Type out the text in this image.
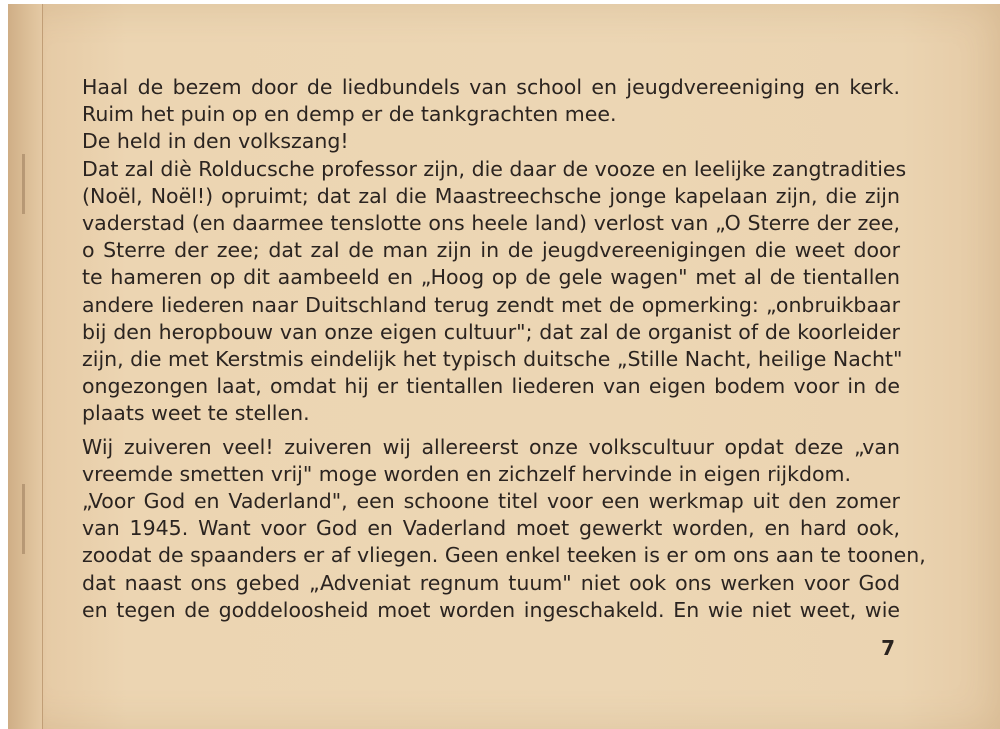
Haal de bezem door de liedbundels van school en jeugdvereeniging en kerk.
Ruim het puin op en demp er de tankgrachten mee.
De held in den volkszang!
Dat zal diè Rolducsche professor zijn, die daar de vooze en leelijke zangtradities
(Noël, Noël!) opruimt; dat zal die Maastreechsche jonge kapelaan zijn, die zijn
vaderstad (en daarmee tenslotte ons heele land) verlost van „O Sterre der zee,
o Sterre der zee; dat zal de man zijn in de jeugdvereenigingen die weet door
te hameren op dit aambeeld en „Hoog op de gele wagen" met al de tientallen
andere liederen naar Duitschland terug zendt met de opmerking: „onbruikbaar
bij den heropbouw van onze eigen cultuur"; dat zal de organist of de koorleider
zijn, die met Kerstmis eindelijk het typisch duitsche „Stille Nacht, heilige Nacht"
ongezongen laat, omdat hij er tientallen liederen van eigen bodem voor in de
plaats weet te stellen.
Wij zuiveren veel! zuiveren wij allereerst onze volkscultuur opdat deze „van
vreemde smetten vrij" moge worden en zichzelf hervinde in eigen rijkdom.
„Voor God en Vaderland", een schoone titel voor een werkmap uit den zomer
van 1945. Want voor God en Vaderland moet gewerkt worden, en hard ook,
zoodat de spaanders er af vliegen. Geen enkel teeken is er om ons aan te toonen,
dat naast ons gebed „Adveniat regnum tuum" niet ook ons werken voor God
en tegen de goddeloosheid moet worden ingeschakeld. En wie niet weet, wie
7
